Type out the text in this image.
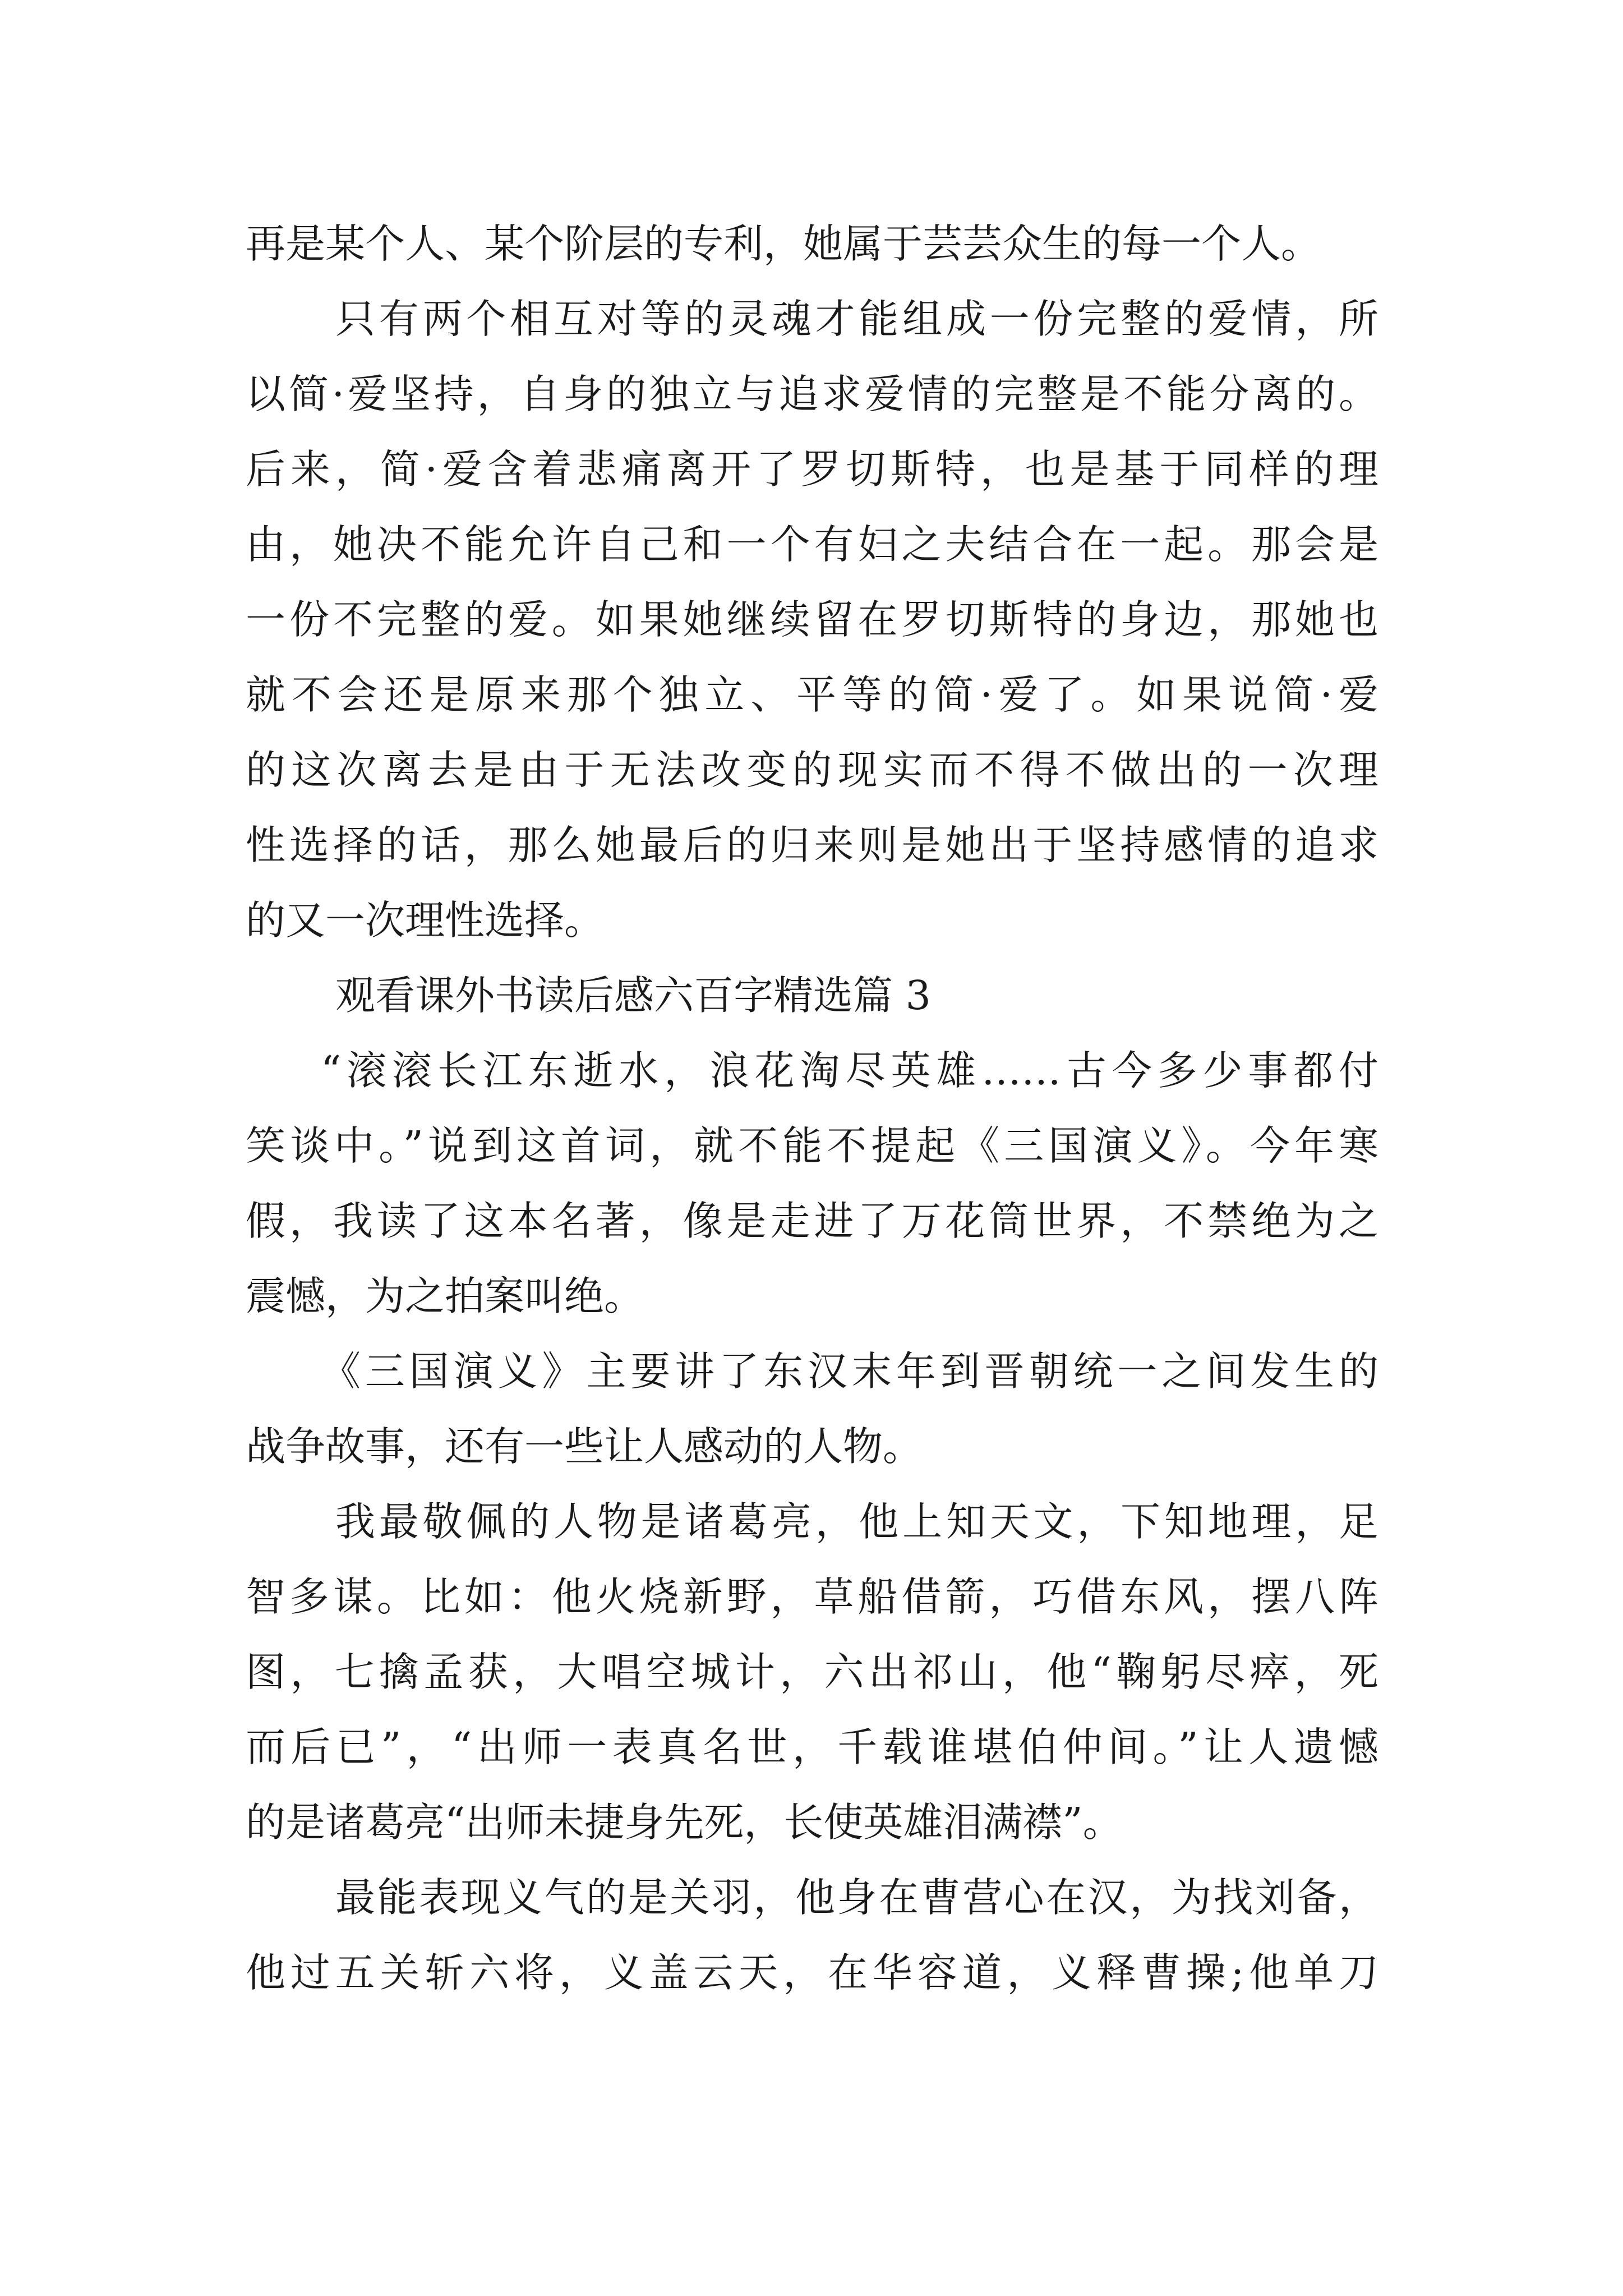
再是某个人、某个阶层的专利，她属于芸芸众生的每一个人。
只有两个相互对等的灵魂才能组成一份完整的爱情，所
以简·爱坚持，自身的独立与追求爱情的完整是不能分离的。
后来，简·爱含着悲痛离开了罗切斯特，也是基于同样的理
由，她决不能允许自己和一个有妇之夫结合在一起。那会是
一份不完整的爱。如果她继续留在罗切斯特的身边，那她也
就不会还是原来那个独立、平等的简·爱了。如果说简·爱
的这次离去是由于无法改变的现实而不得不做出的一次理
性选择的话，那么她最后的归来则是她出于坚持感情的追求
的又一次理性选择。
观看课外书读后感六百字精选篇 3
“滚滚长江东逝水，浪花淘尽英雄……古今多少事都付
笑谈中。”说到这首词，就不能不提起《三国演义》。今年寒
假，我读了这本名著，像是走进了万花筒世界，不禁绝为之
震憾，为之拍案叫绝。
《三国演义》主要讲了东汉末年到晋朝统一之间发生的
战争故事，还有一些让人感动的人物。
我最敬佩的人物是诸葛亮，他上知天文，下知地理，足
智多谋。比如：他火烧新野，草船借箭，巧借东风，摆八阵
图，七擒孟获，大唱空城计，六出祁山，他“鞠躬尽瘁，死
而后已”，“出师一表真名世，千载谁堪伯仲间。”让人遗憾
的是诸葛亮“出师未捷身先死，长使英雄泪满襟”。
最能表现义气的是关羽，他身在曹营心在汉，为找刘备，
他过五关斩六将，义盖云天，在华容道，义释曹操;他单刀
